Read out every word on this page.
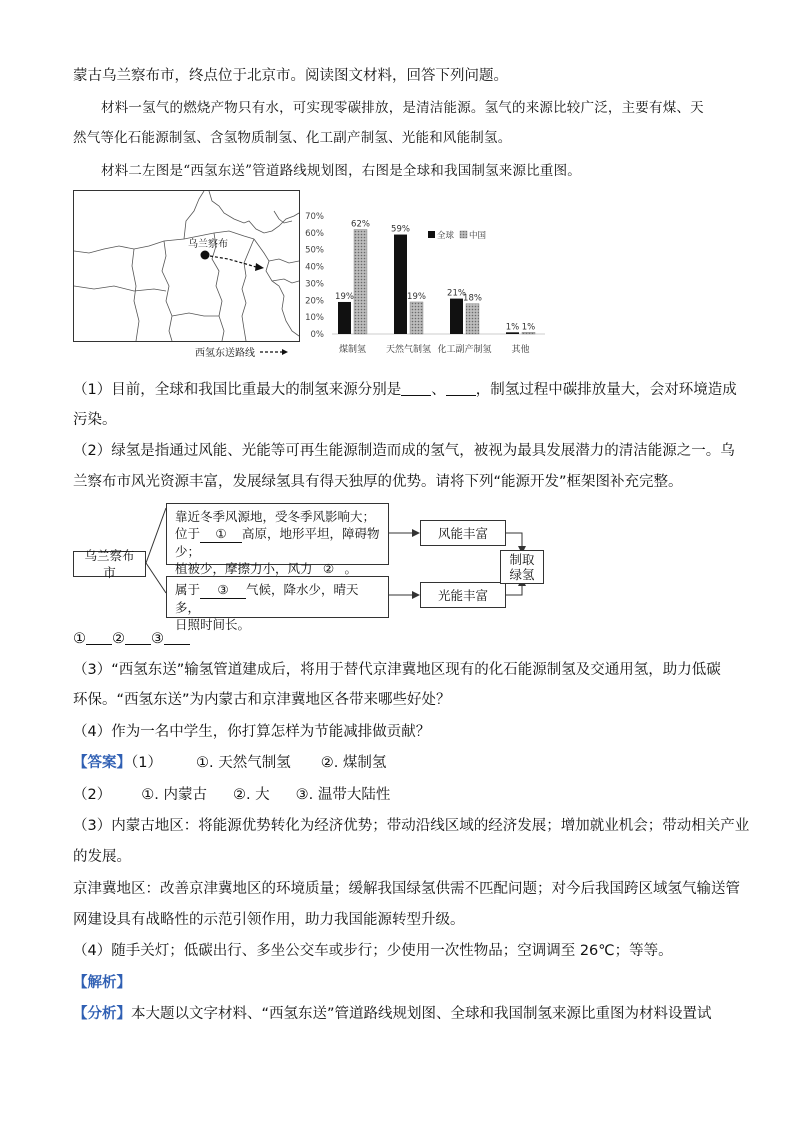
蒙古乌兰察布市，终点位于北京市。阅读图文材料，回答下列问题。
材料一氢气的燃烧产物只有水，可实现零碳排放，是清洁能源。氢气的来源比较广泛，主要有煤、天
然气等化石能源制氢、含氢物质制氢、化工副产制氢、光能和风能制氢。
材料二左图是“西氢东送”管道路线规划图，右图是全球和我国制氢来源比重图。
乌兰察布
西氢东送路线
70%
60%
50%
40%
30%
20%
10%
0%
19%
62%
59%
19% 21%
18%
1% 1%
煤制氢 天然气制氢 化工副产制氢 其他
全球 中国
（1）目前，全球和我国比重最大的制氢来源分别是 、 ，制氢过程中碳排放量大，会对环境造成
污染。
（2）绿氢是指通过风能、光能等可再生能源制造而成的氢气，被视为最具发展潜力的清洁能源之一。乌
兰察布市风光资源丰富，发展绿氢具有得天独厚的优势。请将下列“能源开发”框架图补充完整。
乌兰察布市
靠近冬季风源地，受冬季风影响大；
位于 ① 高原，地形平坦，障碍物少；
植被少，摩擦力小，风力 ② 。
属于 ③ 气候，降水少，晴天多，
日照时间长。
风能丰富
光能丰富
制取
绿氢
① ② ③
（3）“西氢东送”输氢管道建成后，将用于替代京津冀地区现有的化石能源制氢及交通用氢，助力低碳
环保。“西氢东送”为内蒙古和京津冀地区各带来哪些好处？
（4）作为一名中学生，你打算怎样为节能减排做贡献？
【答案】（1） ①. 天然气制氢 ②. 煤制氢
（2） ①. 内蒙古 ②. 大 ③. 温带大陆性
（3）内蒙古地区：将能源优势转化为经济优势；带动沿线区域的经济发展；增加就业机会；带动相关产业
的发展。
京津冀地区：改善京津冀地区的环境质量；缓解我国绿氢供需不匹配问题；对今后我国跨区域氢气输送管
网建设具有战略性的示范引领作用，助力我国能源转型升级。
（4）随手关灯；低碳出行、多坐公交车或步行；少使用一次性物品；空调调至 26℃；等等。
【解析】
【分析】本大题以文字材料、“西氢东送”管道路线规划图、全球和我国制氢来源比重图为材料设置试
